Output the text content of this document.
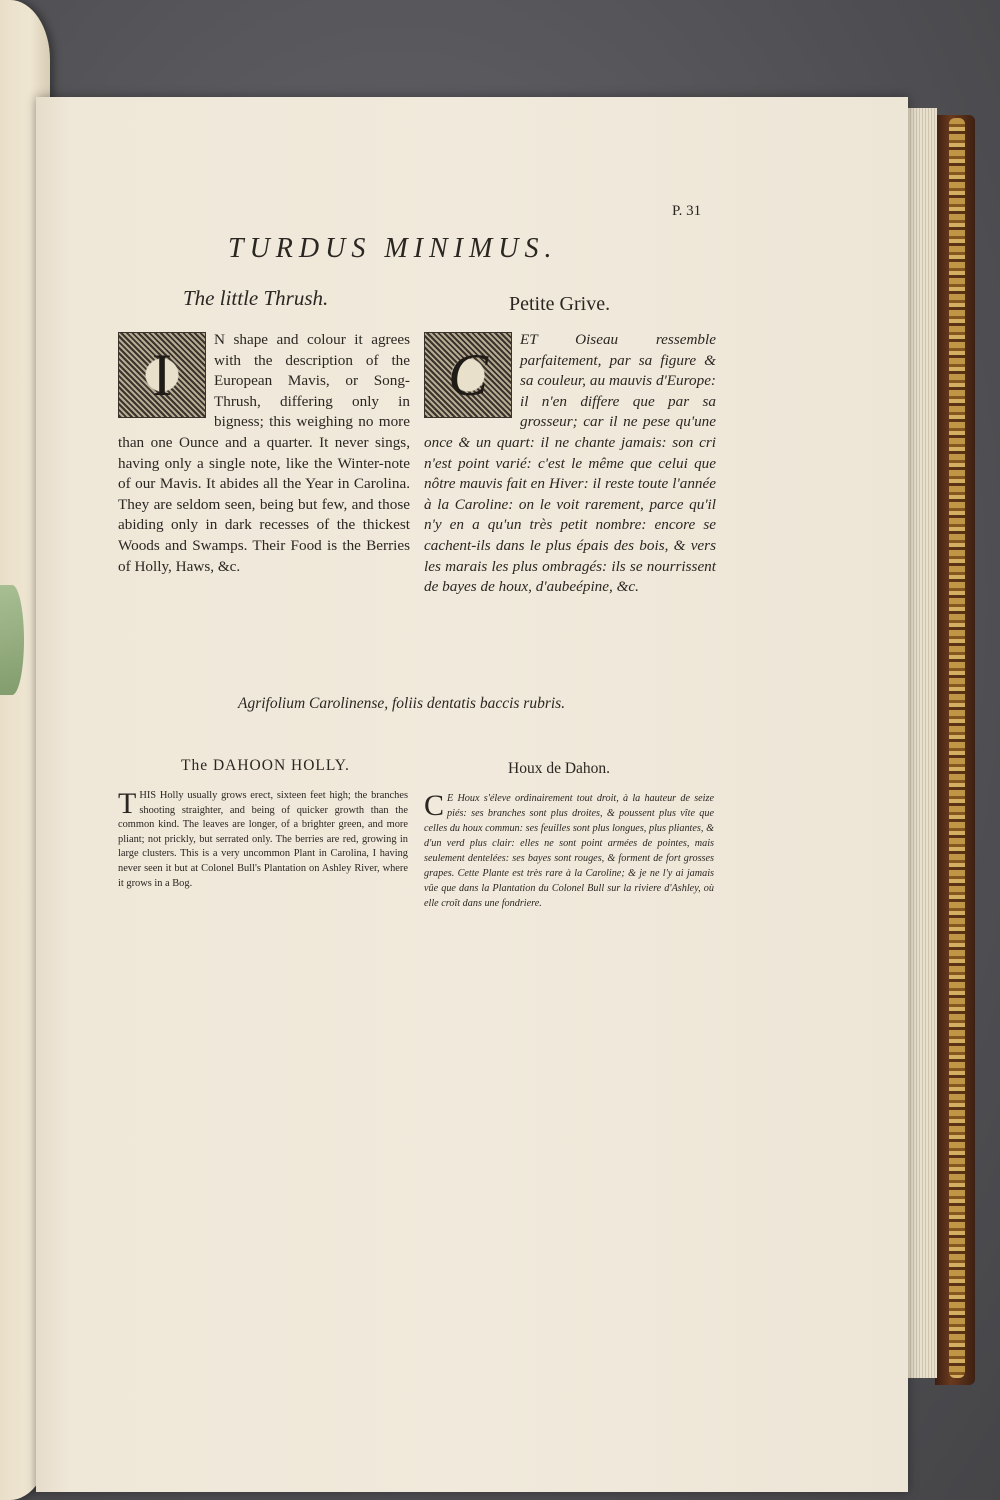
P. 31
TURDUS MINIMUS.
The little Thrush.	Petite Grive.
I

N shape and colour it agrees with the description of the European Mavis, or Song-Thrush, differing only in bigness; this weighing no more than one Ounce and a quarter. It never sings, having only a single note, like the Winter-note of our Mavis. It abides all the Year in Carolina. They are seldom seen, being but few, and those abiding only in dark recesses of the thickest Woods and Swamps. Their Food is the Berries of Holly, Haws, &c.

C

ET Oiseau ressemble parfaitement, par sa figure & sa couleur, au mauvis d'Europe: il n'en differe que par sa grosseur; car il ne pese qu'une once & un quart: il ne chante jamais: son cri n'est point varié: c'est le même que celui que nôtre mauvis fait en Hiver: il reste toute l'année à la Caroline: on le voit rarement, parce qu'il n'y en a qu'un très petit nombre: encore se cachent-ils dans le plus épais des bois, & vers les marais les plus ombragés: ils se nourrissent de bayes de houx, d'aubeépine, &c.

Agrifolium Carolinense, foliis dentatis baccis rubris.
The DAHOON HOLLY.	Houx de Dahon.
T HIS Holly usually grows erect, sixteen feet high; the branches shooting straighter, and being of quicker growth than the common kind. The leaves are longer, of a brighter green, and more pliant; not prickly, but serrated only. The berries are red, growing in large clusters. This is a very uncommon Plant in Carolina, I having never seen it but at Colonel Bull's Plantation on Ashley River, where it grows in a Bog.
C E Houx s'éleve ordinairement tout droit, à la hauteur de seize piés: ses branches sont plus droites, & poussent plus vîte que celles du houx commun: ses feuilles sont plus longues, plus pliantes, & d'un verd plus clair: elles ne sont point armées de pointes, mais seulement dentelées: ses bayes sont rouges, & forment de fort grosses grapes. Cette Plante est très rare à la Caroline; & je ne l'y ai jamais vûe que dans la Plantation du Colonel Bull sur la riviere d'Ashley, où elle croît dans une fondriere.
